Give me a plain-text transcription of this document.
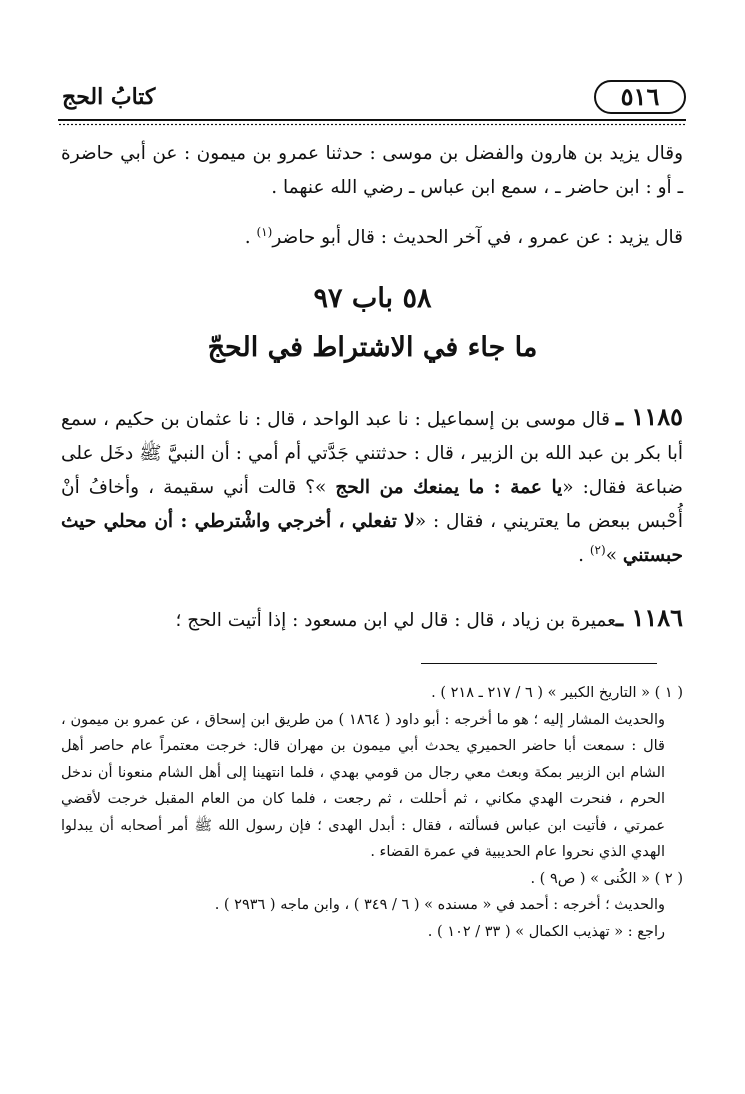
٥١٦
كتابُ الحج
وقال يزيد بن هارون والفضل بن موسى : حدثنا عمرو بن ميمون : عن أبي حاضرة ـ أو : ابن حاضر ـ ، سمع ابن عباس ـ رضي الله عنهما .
قال يزيد : عن عمرو ، في آخر الحديث : قال أبو حاضر$^{(١)}$ .
٥٨ باب ٩٧
ما جاء في الاشتراط في الحجّ
١١٨٥ ـ قال موسى بن إسماعيل : نا عبد الواحد ، قال : نا عثمان بن حكيم ، سمع أبا بكر بن عبد الله بن الزبير ، قال : حدثتني جَدَّتي أم أمي : أن النبيَّ ﷺ دخَل على ضباعة فقال: «يا عمة : ما يمنعك من الحج »؟ قالت أني سقيمة ، وأخافُ أنْ أُحْبس ببعض ما يعتريني ، فقال : «لا تفعلي ، أخرجي واشْترطي : أن محلي حيث حبستني »$^{(٢)}$ .
١١٨٦ ـعميرة بن زياد ، قال : قال لي ابن مسعود : إذا أتيت الحج ؛
( ١ ) « التاريخ الكبير » ( ٦ / ٢١٧ ـ ٢١٨ ) .
والحديث المشار إليه ؛ هو ما أخرجه : أبو داود ( ١٨٦٤ ) من طريق ابن إسحاق ، عن عمرو بن ميمون ، قال : سمعت أبا حاضر الحميري يحدث أبي ميمون بن مهران قال: خرجت معتمراً عام حاصر أهل الشام ابن الزبير بمكة وبعث معي رجال من قومي بهدي ، فلما انتهينا إلى أهل الشام منعونا أن ندخل الحرم ، فنحرت الهدي مكاني ، ثم أحللت ، ثم رجعت ، فلما كان من العام المقبل خرجت لأقضي عمرتي ، فأتيت ابن عباس فسألته ، فقال : أبدل الهدى ؛ فإن رسول الله ﷺ أمر أصحابه أن يبدلوا الهدي الذي نحروا عام الحديبية في عمرة القضاء .
( ٢ ) « الكُنى » ( ص٩ ) .
والحديث ؛ أخرجه : أحمد في « مسنده » ( ٦ / ٣٤٩ ) ، وابن ماجه ( ٢٩٣٦ ) .
راجع : « تهذيب الكمال » ( ٣٣ / ١٠٢ ) .
